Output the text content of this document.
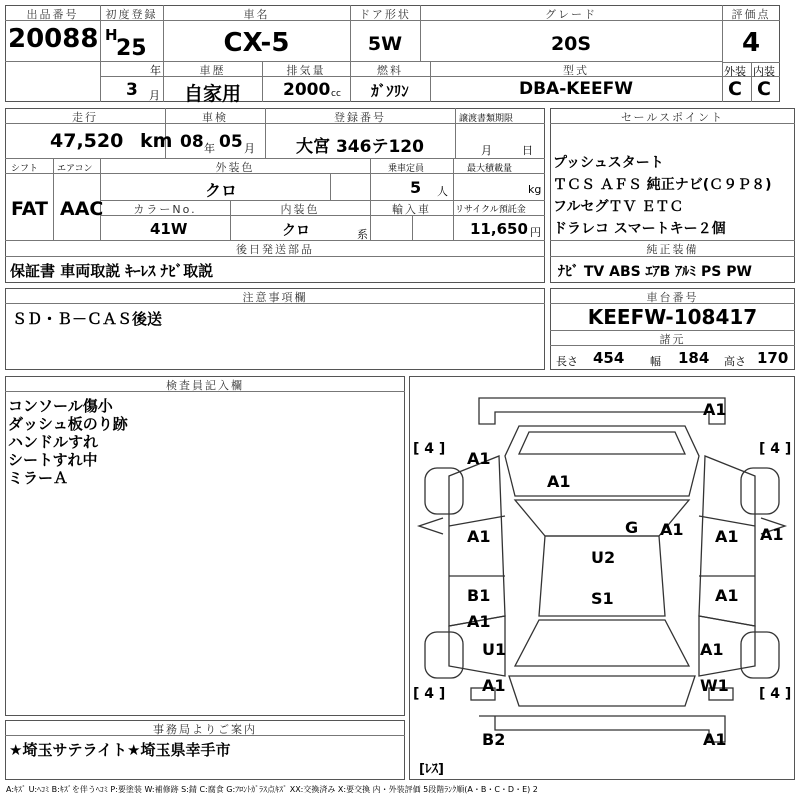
出品番号
20088
初度登録
H
25
年
3 月
車名
CX-5
ドア形状
5W
グレード
20S
評価点
4
車歴
自家用
排気量
2000 cc
燃料
ｶﾞｿﾘﾝ
型式
DBA-KEEFW
外装 内装
C C
走行
47,520 km
車検
08 年 05 月
登録番号
大宮 346テ120
譲渡書類期限
月	日
シフト
FAT
エアコン
AAC
外装色
クロ
乗車定員
5 人
最大積載量
kg
カラーNo.
41W
内装色
クロ	系
輸入車	リサイクル預託金
11,650 円
後日発送部品
保証書 車両取説 ｷｰﾚｽ ﾅﾋﾞ取説
セールスポイント
プッシュスタート
ＴＣＳ ＡＦＳ 純正ナビ(Ｃ９Ｐ８)
フルセグＴＶ ＥＴＣ
ドラレコ スマートキー２個
純正装備
ﾅﾋﾞ TV ABS ｴｱB ｱﾙﾐ PS PW
注意事項欄
ＳＤ・Ｂ－ＣＡＳ後送
車台番号
KEEFW-108417
諸元
長さ 454 幅 184 高さ 170
検査員記入欄
コンソール傷小
ダッシュ板のり跡
ハンドルすれ
シートすれ中
ミラーＡ
[ 4 ]	[ 4 ]
[ 4 ]	[ 4 ]
[ﾚｽ]
A1
A1
A1
G A1	A1
A1	A1
U2
B1	A1
S1
A1
U1	A1
A1	W1
B2	A1
事務局よりご案内
★埼玉サテライト★埼玉県幸手市
A:ｷｽﾞ U:ﾍｺﾐ B:ｷｽﾞを伴うﾍｺﾐ P:要塗装 W:補修跡 S:錆 C:腐食 G:ﾌﾛﾝﾄｶﾞﾗｽ点ｷｽﾞ XX:交換済み X:要交換 内・外装評価 5段階ﾗﾝｸ順(A・B・C・D・E) 2
